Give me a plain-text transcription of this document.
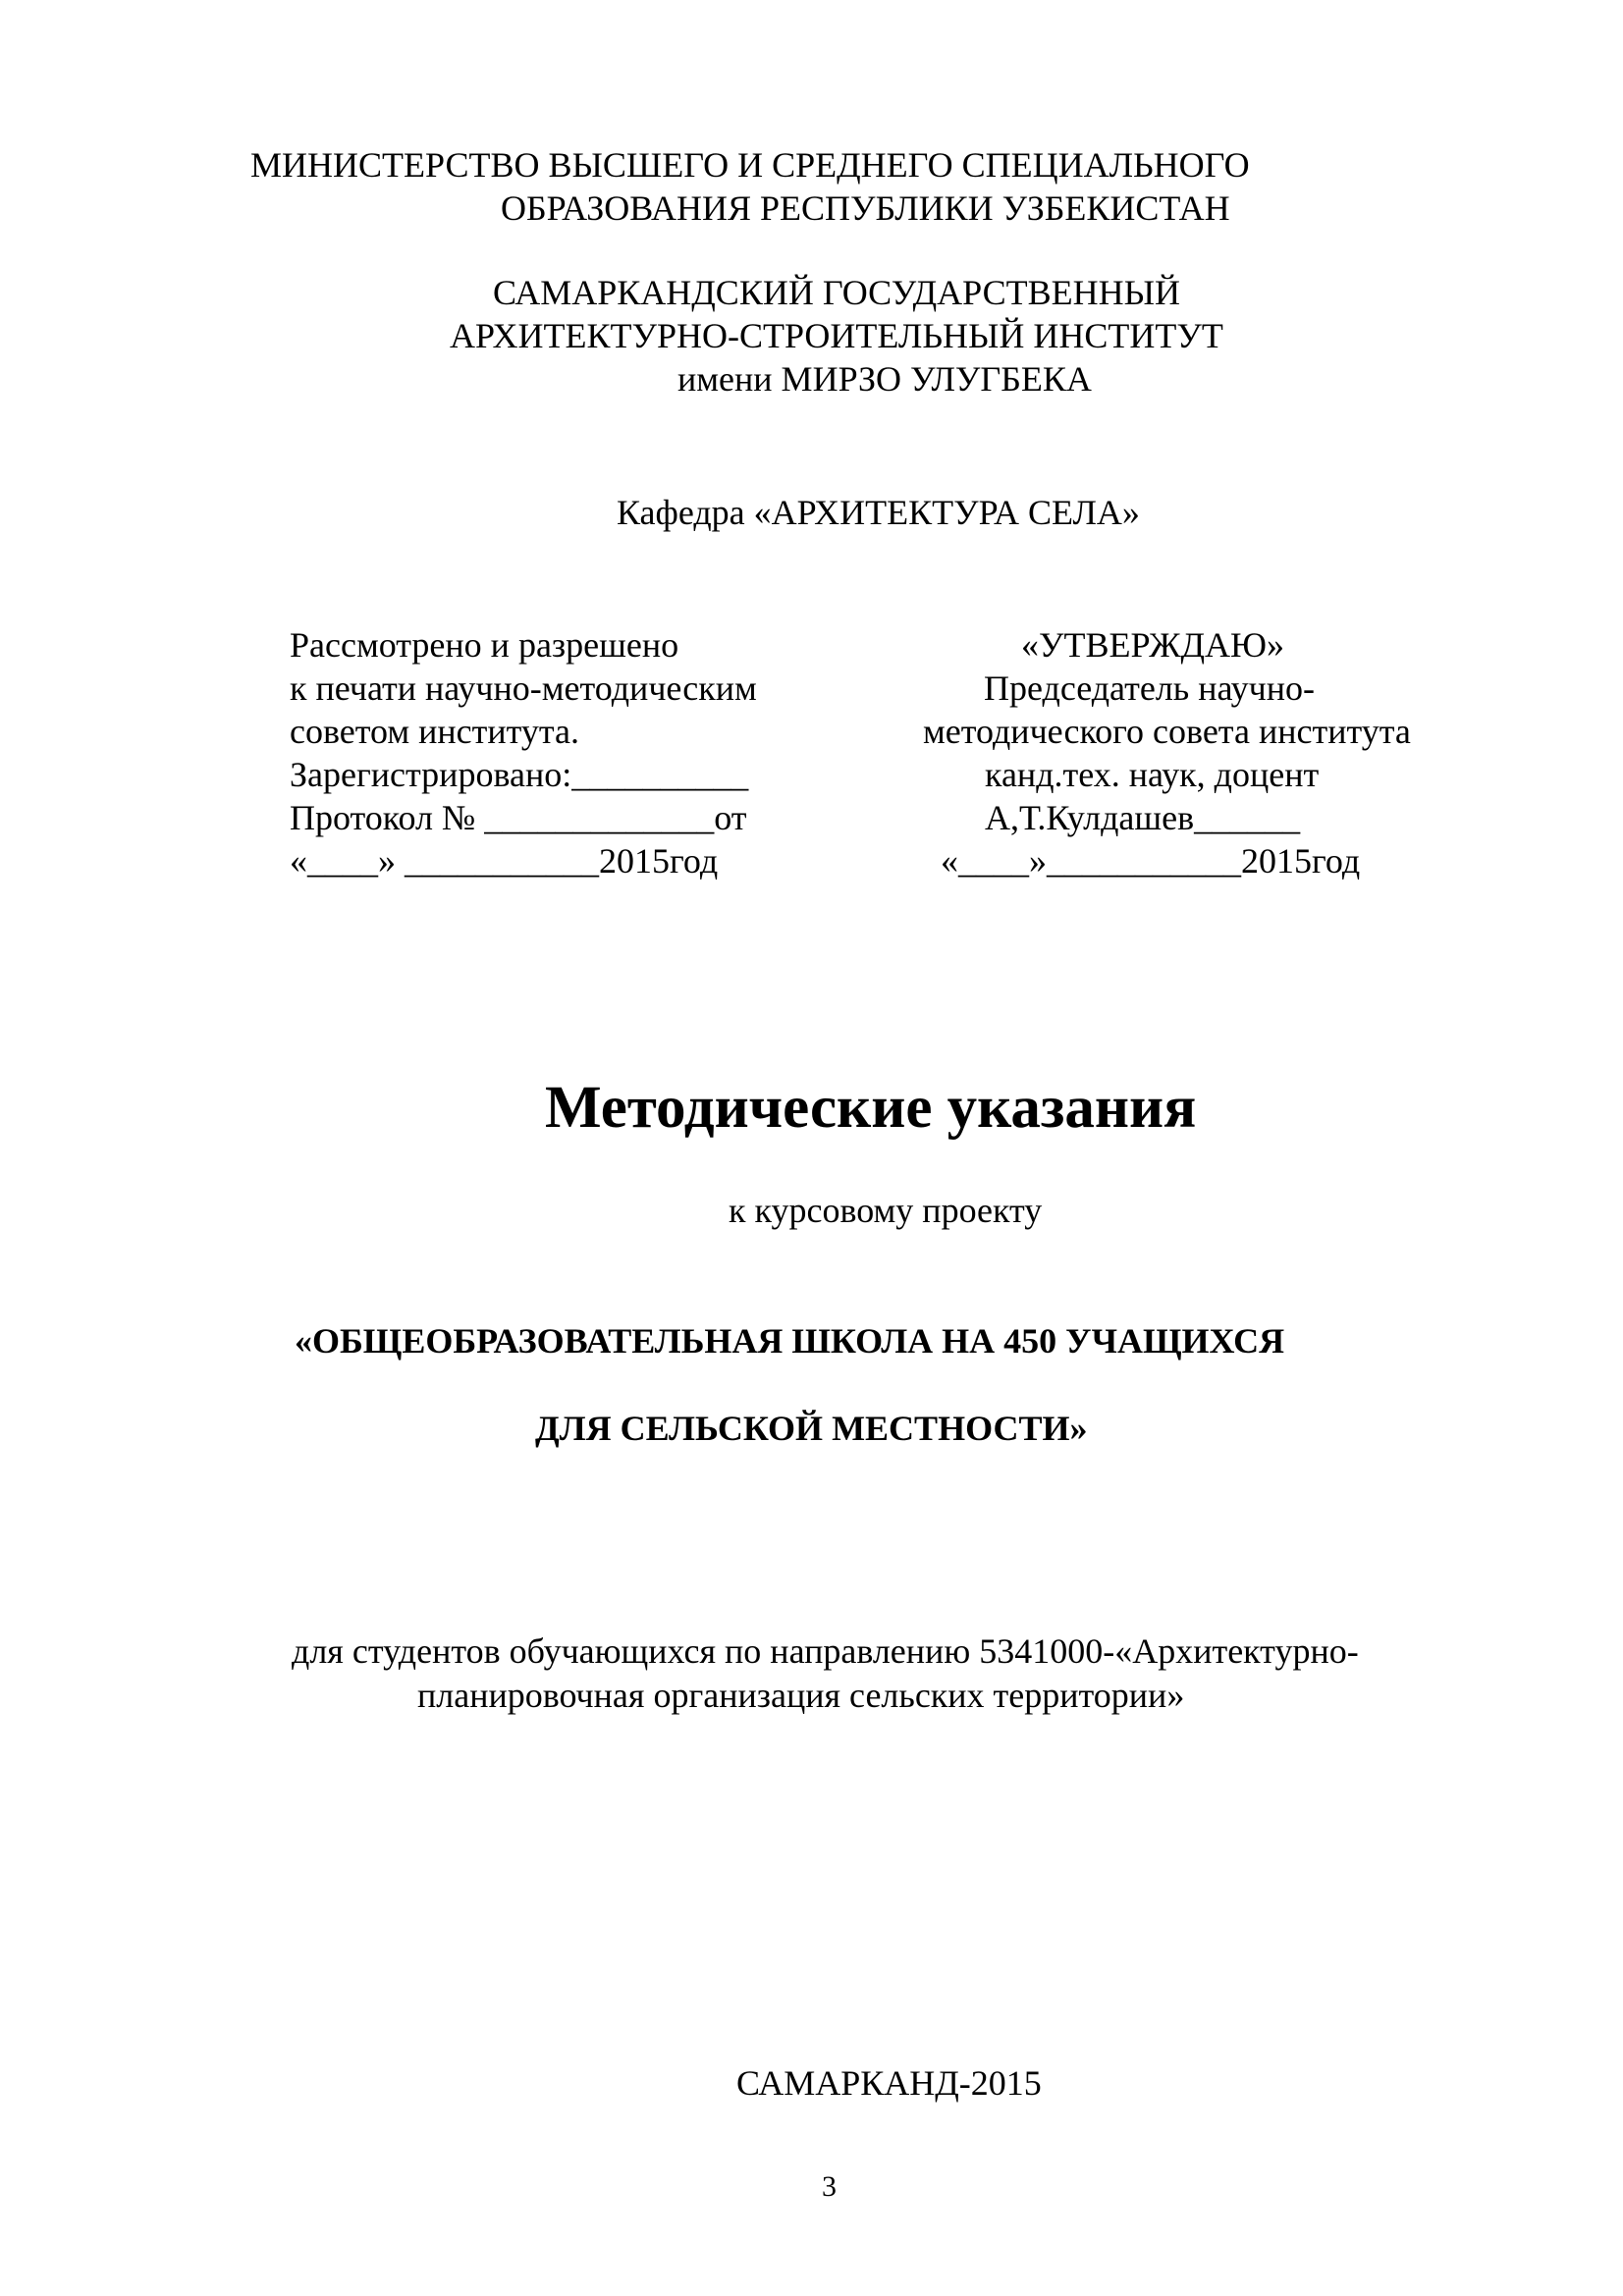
МИНИСТЕРСТВО ВЫСШЕГО И СРЕДНЕГО СПЕЦИАЛЬНОГО
ОБРАЗОВАНИЯ РЕСПУБЛИКИ УЗБЕКИСТАН
САМАРКАНДСКИЙ ГОСУДАРСТВЕННЫЙ
АРХИТЕКТУРНО-СТРОИТЕЛЬНЫЙ ИНСТИТУТ
имени МИРЗО УЛУГБЕКА
Кафедра «АРХИТЕКТУРА СЕЛА»
Рассмотрено и разрешено
к печати научно-методическим
советом института.
Зарегистрировано:__________
Протокол № _____________от
«____» ___________2015год
«УТВЕРЖДАЮ»
Председатель научно-
методического совета института
канд.тех. наук, доцент
А,Т.Кулдашев______
«____»___________2015год
Методические указания
к курсовому проекту
«ОБЩЕОБРАЗОВАТЕЛЬНАЯ ШКОЛА НА 450 УЧАЩИХСЯ
ДЛЯ СЕЛЬСКОЙ МЕСТНОСТИ»
для студентов обучающихся по направлению 5341000-«Архитектурно-
планировочная организация сельских территории»
САМАРКАНД-2015
3
